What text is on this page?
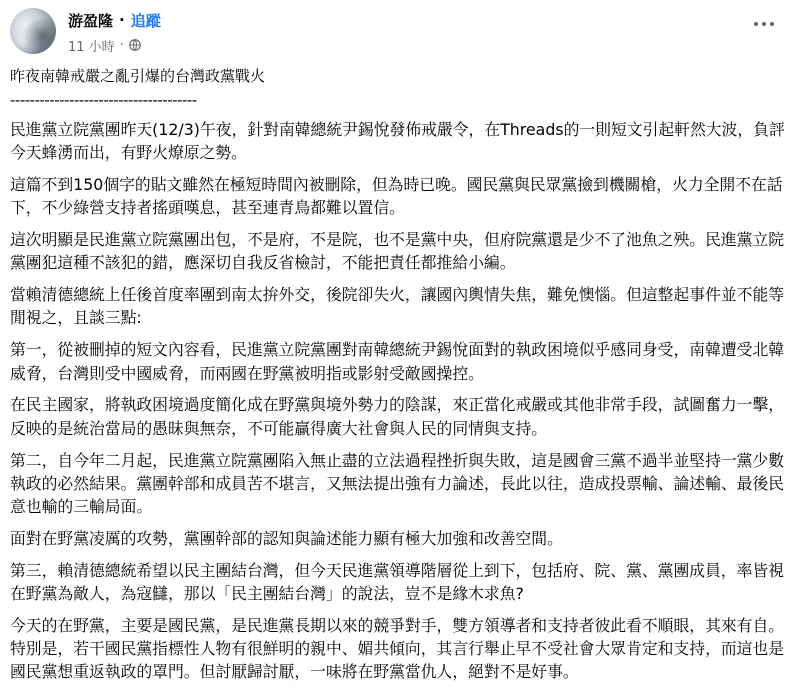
游盈隆 · 追蹤
11 小時 ·
昨夜南韓戒嚴之亂引爆的台灣政黨戰火
--------------------------------------
民進黨立院黨團昨天(12/3)午夜，針對南韓總統尹錫悅發佈戒嚴令，在Threads的一則短文引起軒然大波，負評今天蜂湧而出，有野火燎原之勢。
這篇不到150個字的貼文雖然在極短時間內被刪除，但為時已晚。國民黨與民眾黨撿到機關槍，火力全開不在話下，不少綠營支持者搖頭嘆息，甚至連青鳥都難以置信。
這次明顯是民進黨立院黨團出包，不是府，不是院，也不是黨中央，但府院黨還是少不了池魚之殃。民進黨立院黨團犯這種不該犯的錯，應深切自我反省檢討，不能把責任都推給小編。
當賴清德總統上任後首度率團到南太拚外交，後院卻失火，讓國內輿情失焦，難免懊惱。但這整起事件並不能等閒視之，且談三點:
第一，從被刪掉的短文內容看，民進黨立院黨團對南韓總統尹錫悅面對的執政困境似乎感同身受，南韓遭受北韓威脅，台灣則受中國威脅，而兩國在野黨被明指或影射受敵國操控。
在民主國家，將執政困境過度簡化成在野黨與境外勢力的陰謀，來正當化戒嚴或其他非常手段，試圖奮力一擊，反映的是統治當局的愚昧與無奈，不可能贏得廣大社會與人民的同情與支持。
第二，自今年二月起，民進黨立院黨團陷入無止盡的立法過程挫折與失敗，這是國會三黨不過半並堅持一黨少數執政的必然結果。黨團幹部和成員苦不堪言，又無法提出強有力論述，長此以往，造成投票輸、論述輸、最後民意也輸的三輸局面。
面對在野黨凌厲的攻勢，黨團幹部的認知與論述能力顯有極大加強和改善空間。
第三，賴清德總統希望以民主團結台灣，但今天民進黨領導階層從上到下，包括府、院、黨、黨團成員，率皆視在野黨為敵人，為寇讎，那以「民主團結台灣」的說法，豈不是緣木求魚?
今天的在野黨，主要是國民黨，是民進黨長期以來的競爭對手，雙方領導者和支持者彼此看不順眼，其來有自。特別是，若干國民黨指標性人物有很鮮明的親中、媚共傾向，其言行舉止早不受社會大眾肯定和支持，而這也是國民黨想重返執政的罩門。但討厭歸討厭，一味將在野黨當仇人，絕對不是好事。
